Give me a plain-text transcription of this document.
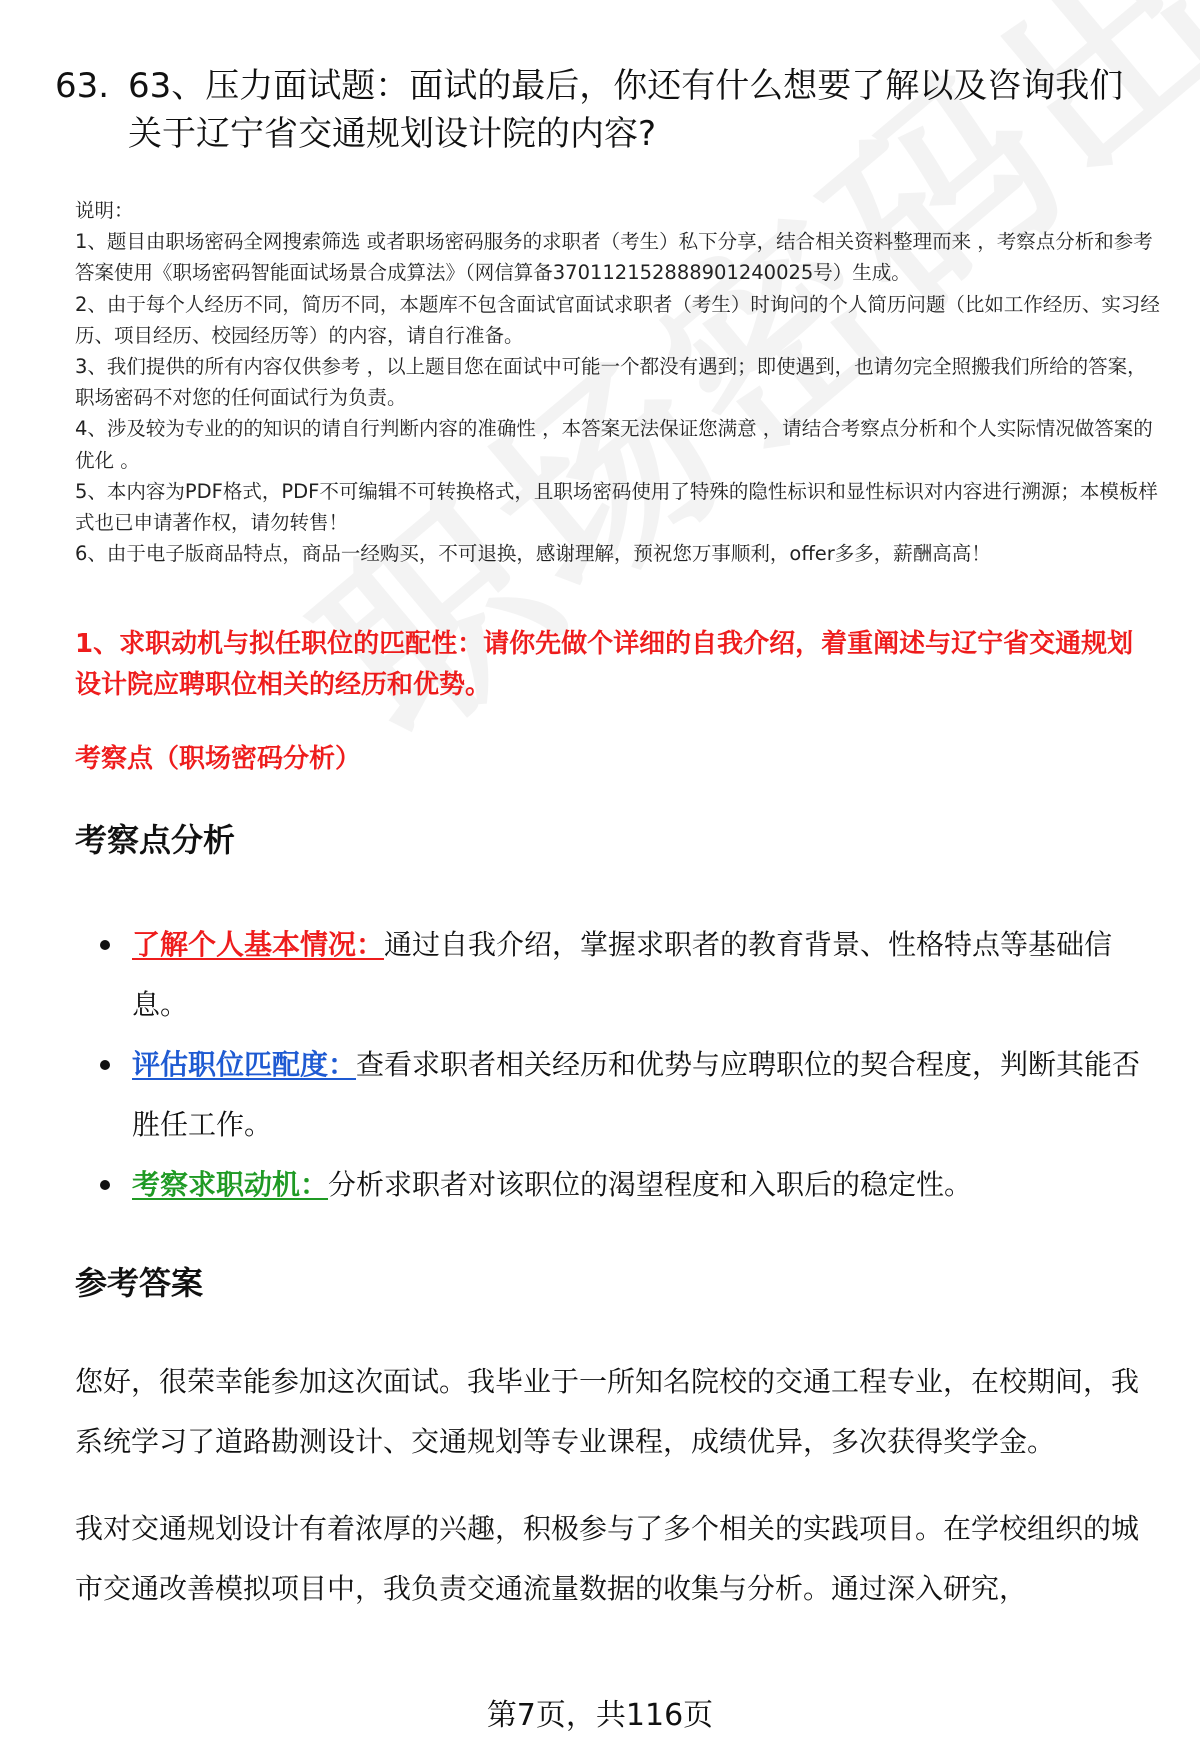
63. 63、压力面试题：面试的最后，你还有什么想要了解以及咨询我们关于辽宁省交通规划设计院的内容?

说明：

1、题目由职场密码全网搜索筛选 或者职场密码服务的求职者（考生）私下分享，结合相关资料整理而来 ，考察点分析和参考答案使用《职场密码智能面试场景合成算法》（网信算备370112152888901240025号）生成。

2、由于每个人经历不同，简历不同，本题库不包含面试官面试求职者（考生）时询问的个人简历问题（比如工作经历、实习经历、项目经历、校园经历等）的内容，请自行准备。

3、我们提供的所有内容仅供参考 ，以上题目您在面试中可能一个都没有遇到；即使遇到，也请勿完全照搬我们所给的答案，职场密码不对您的任何面试行为负责。

4、涉及较为专业的的知识的请自行判断内容的准确性 ，本答案无法保证您满意 ，请结合考察点分析和个人实际情况做答案的优化 。

5、本内容为PDF格式，PDF不可编辑不可转换格式，且职场密码使用了特殊的隐性标识和显性标识对内容进行溯源；本模板样式也已申请著作权，请勿转售！

6、由于电子版商品特点，商品一经购买，不可退换，感谢理解，预祝您万事顺利，offer多多，薪酬高高！

1、求职动机与拟任职位的匹配性：请你先做个详细的自我介绍，着重阐述与辽宁省交通规划设计院应聘职位相关的经历和优势。
考察点（职场密码分析）
考察点分析
了解个人基本情况：通过自我介绍，掌握求职者的教育背景、性格特点等基础信息。
评估职位匹配度：查看求职者相关经历和优势与应聘职位的契合程度，判断其能否胜任工作。
考察求职动机：分析求职者对该职位的渴望程度和入职后的稳定性。
参考答案

您好，很荣幸能参加这次面试。我毕业于一所知名院校的交通工程专业，在校期间，我系统学习了道路勘测设计、交通规划等专业课程，成绩优异，多次获得奖学金。

我对交通规划设计有着浓厚的兴趣，积极参与了多个相关的实践项目。在学校组织的城市交通改善模拟项目中，我负责交通流量数据的收集与分析。通过深入研究，

第7页，共116页
